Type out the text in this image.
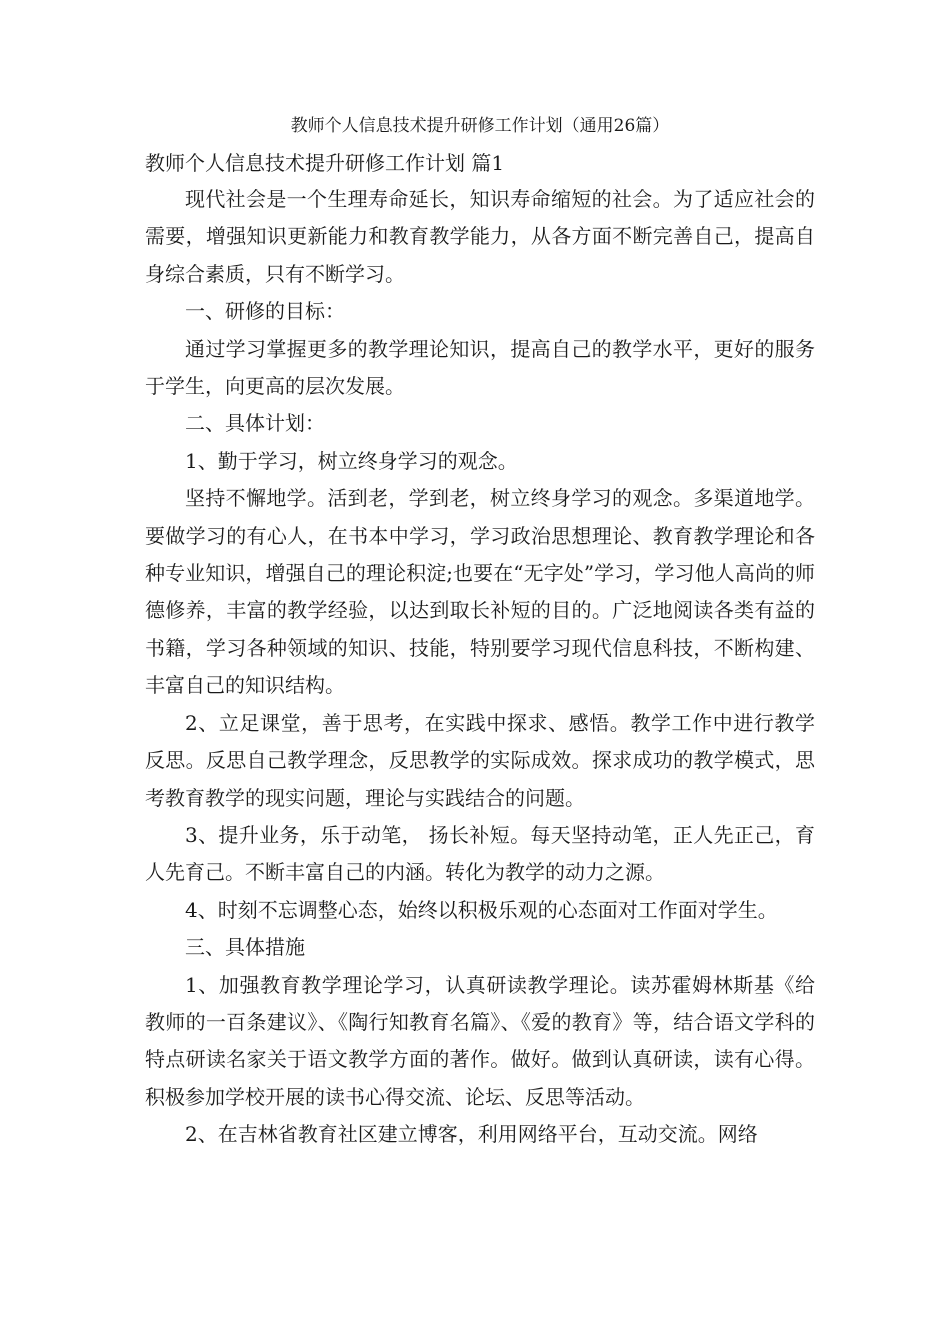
教师个人信息技术提升研修工作计划（通用26篇）
教师个人信息技术提升研修工作计划 篇1

现代社会是一个生理寿命延长，知识寿命缩短的社会。为了适应社会的需要，增强知识更新能力和教育教学能力，从各方面不断完善自己，提高自身综合素质，只有不断学习。

一、研修的目标：

通过学习掌握更多的教学理论知识，提高自己的教学水平，更好的服务于学生，向更高的层次发展。

二、具体计划：

1、勤于学习，树立终身学习的观念。

坚持不懈地学。活到老，学到老，树立终身学习的观念。多渠道地学。要做学习的有心人，在书本中学习，学习政治思想理论、教育教学理论和各种专业知识，增强自己的理论积淀;也要在“无字处”学习，学习他人高尚的师德修养，丰富的教学经验，以达到取长补短的目的。广泛地阅读各类有益的书籍，学习各种领域的知识、技能，特别要学习现代信息科技，不断构建、丰富自己的知识结构。

2、立足课堂，善于思考，在实践中探求、感悟。教学工作中进行教学反思。反思自己教学理念，反思教学的实际成效。探求成功的教学模式，思考教育教学的现实问题，理论与实践结合的问题。

3、提升业务，乐于动笔， 扬长补短。每天坚持动笔，正人先正己，育人先育己。不断丰富自己的内涵。转化为教学的动力之源。

4、时刻不忘调整心态，始终以积极乐观的心态面对工作面对学生。

三、具体措施

1、加强教育教学理论学习，认真研读教学理论。读苏霍姆林斯基《给教师的一百条建议》、《陶行知教育名篇》、《爱的教育》等，结合语文学科的特点研读名家关于语文教学方面的著作。做好。做到认真研读，读有心得。积极参加学校开展的读书心得交流、论坛、反思等活动。

2、在吉林省教育社区建立博客，利用网络平台，互动交流。网络
